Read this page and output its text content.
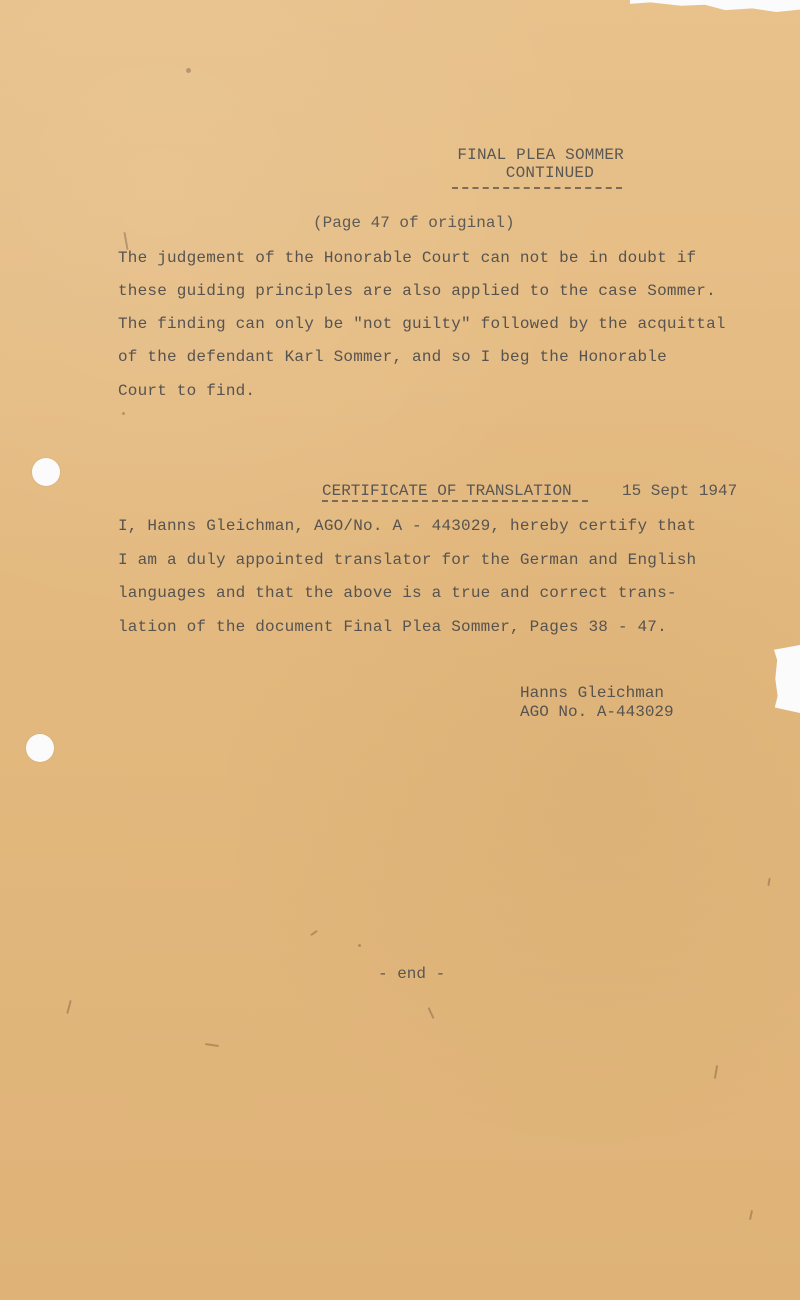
FINAL PLEA SOMMER
CONTINUED
(Page 47 of original)
The judgement of the Honorable Court can not be in doubt if
these guiding principles are also applied to the case Sommer.
The finding can only be "not guilty" followed by the acquittal
of the defendant Karl Sommer, and so I beg the Honorable
Court to find.
CERTIFICATE OF TRANSLATION	15 Sept 1947
I, Hanns Gleichman, AGO/No. A - 443029, hereby certify that
I am a duly appointed translator for the German and English
languages and that the above is a true and correct trans-
lation of the document Final Plea Sommer, Pages 38 - 47.
Hanns Gleichman
AGO No. A-443029
- end -
